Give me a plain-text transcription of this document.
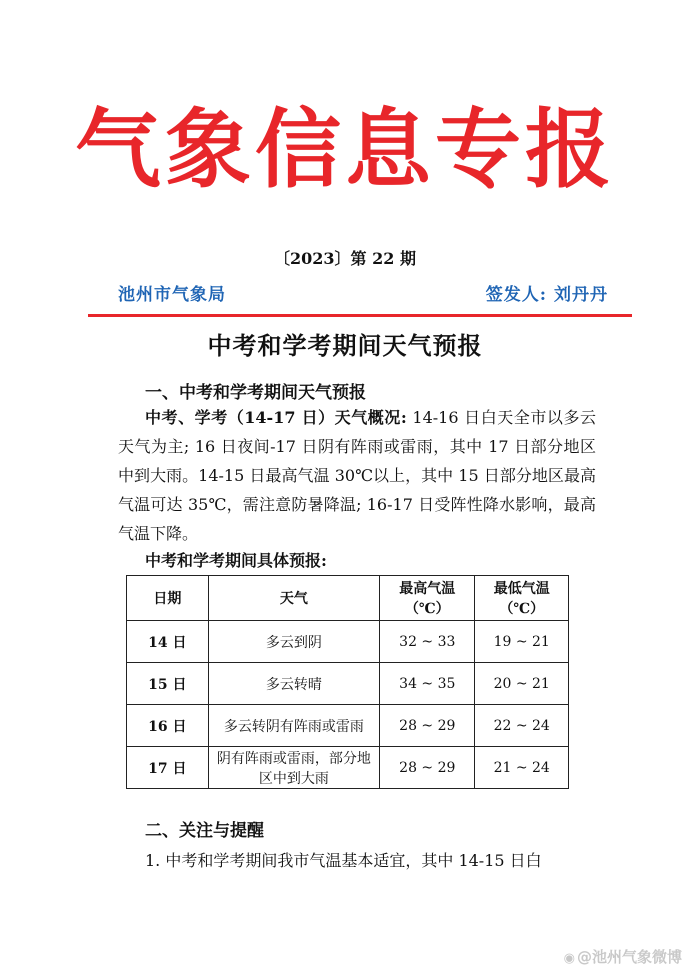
气象信息专报
〔2023〕第 22 期
池州市气象局	签发人: 刘丹丹
中考和学考期间天气预报
一、中考和学考期间天气预报
中考、学考（14-17 日）天气概况: 14-16 日白天全市以多云天气为主; 16 日夜间-17 日阴有阵雨或雷雨，其中 17 日部分地区中到大雨。14-15 日最高气温 30℃以上，其中 15 日部分地区最高气温可达 35℃，需注意防暑降温; 16-17 日受阵性降水影响，最高气温下降。
中考和学考期间具体预报:
日期	天气	最高气温（℃）	最低气温（℃）
14 日	多云到阴	32 ~ 33	19 ~ 21
15 日	多云转晴	34 ~ 35	20 ~ 21
16 日	多云转阴有阵雨或雷雨	28 ~ 29	22 ~ 24
17 日	阴有阵雨或雷雨，部分地区中到大雨	28 ~ 29	21 ~ 24
二、关注与提醒
1. 中考和学考期间我市气温基本适宜，其中 14-15 日白
◉ @池州气象微博
